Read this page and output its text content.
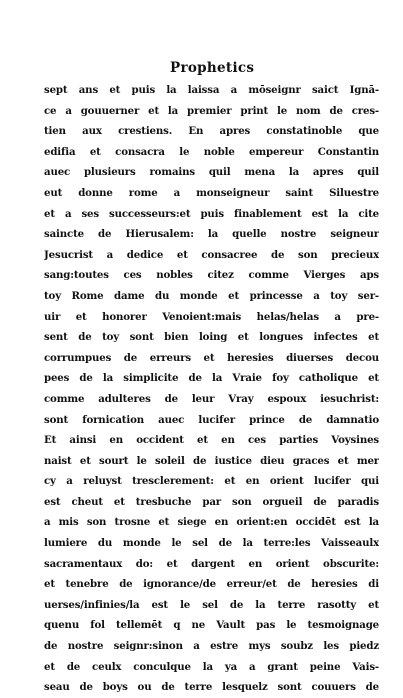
Prophetics
sept ans et puis la laissa a mōseignr saict Ignā-
ce a gouuerner et la premier print le nom de cres-
tien aux crestiens. En apres constatinoble que
edifia et consacra le noble empereur Constantin
auec plusieurs romains quil mena la apres quil
eut donne rome a monseigneur saint Siluestre
et a ses successeurs:et puis finablement est la cite
saincte de Hierusalem: la quelle nostre seigneur
Jesucrist a dedice et consacree de son precieux
sang:toutes ces nobles citez comme Vierges aps
toy Rome dame du monde et princesse a toy ser-
uir et honorer Venoient:mais helas/helas a pre-
sent de toy sont bien loing et longues infectes et
corrumpues de erreurs et heresies diuerses decou
pees de la simplicite de la Vraie foy catholique et
comme adulteres de leur Vray espoux iesuchrist:
sont fornication auec lucifer prince de damnatio
Et ainsi en occident et en ces parties Voysines
naist et sourt le soleil de iustice dieu graces et mer
cy a reluyst tresclerement: et en orient lucifer qui
est cheut et tresbuche par son orgueil de paradis
a mis son trosne et siege en orient:en occidēt est la
lumiere du monde le sel de la terre:les Vaisseaulx
sacramentaux do: et dargent en orient obscurite:
et tenebre de ignorance/de erreur/et de heresies di
uerses/infinies/la est le sel de la terre rasotty et
quenu fol tellemēt q ne Vault pas le tesmoignage
de nostre seignr:sinon a estre mys soubz les piedz
et de ceulx conculque la ya a grant peine Vais-
seau de boys ou de terre lesquelz sont couuers de
